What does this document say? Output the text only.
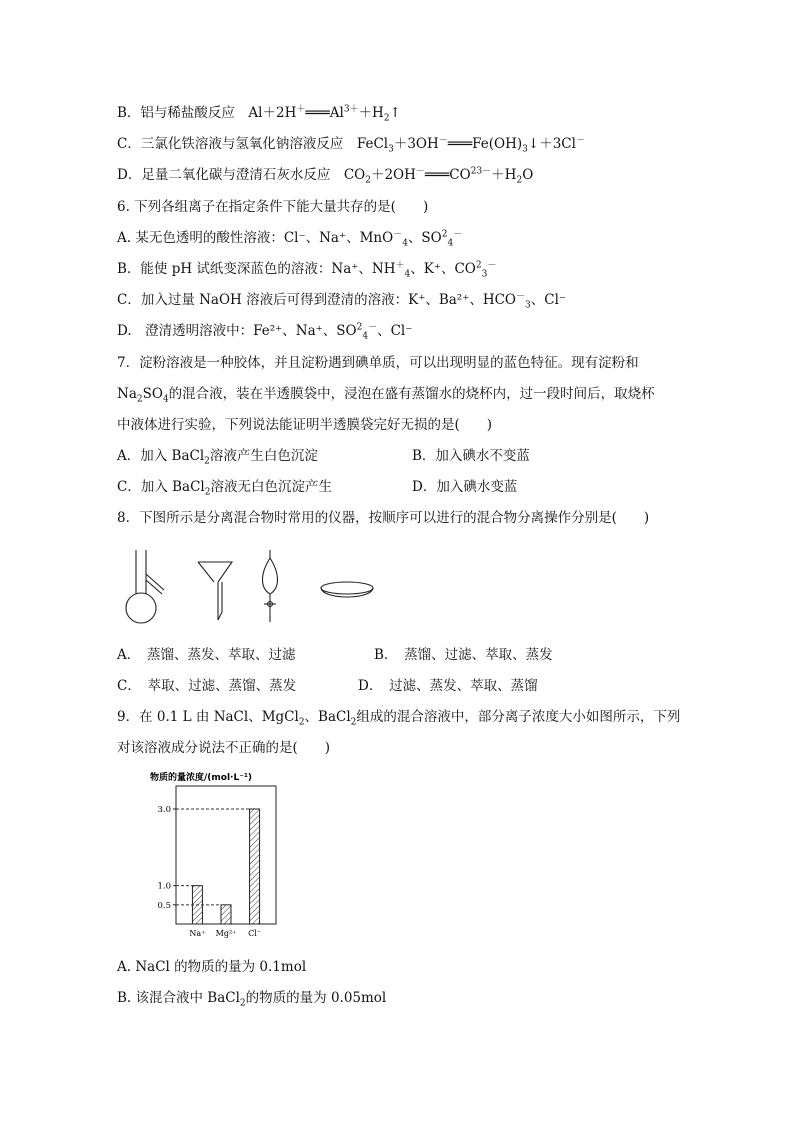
B．铝与稀盐酸反应　$Al+2H^+═══Al^{3+}+H_2↑$
C．三氯化铁溶液与氢氧化钠溶液反应　$FeCl_3+3OH^-═══Fe(OH)_3↓+3Cl^-$
D．足量二氧化碳与澄清石灰水反应　$CO_2+2OH^-═══CO^{23-}+H_2O$
6. 下列各组离子在指定条件下能大量共存的是(　　)
A. 某无色透明的酸性溶液：Cl⁻、Na⁺、MnO－$_4$、$SO^2_4^-$
B．能使 pH 试纸变深蓝色的溶液：Na⁺、$NH^+_4$、K⁺、$CO^2_3^-$
C．加入过量 NaOH 溶液后可得到澄清的溶液：K⁺、Ba²⁺、$HCO^-_3$、Cl⁻
D.　澄清透明溶液中：Fe²⁺、Na⁺、$SO^2_4^-$、Cl⁻
7．淀粉溶液是一种胶体，并且淀粉遇到碘单质，可以出现明显的蓝色特征。现有淀粉和
$Na_2SO_4$的混合液，装在半透膜袋中，浸泡在盛有蒸馏水的烧杯内，过一段时间后，取烧杯
中液体进行实验，下列说法能证明半透膜袋完好无损的是(　　)
A．加入 BaCl$_2$溶液产生白色沉淀	B．加入碘水不变蓝
C．加入 BaCl$_2$溶液无白色沉淀产生	D．加入碘水变蓝
8．下图所示是分离混合物时常用的仪器，按顺序可以进行的混合物分离操作分别是(　　)
A．　蒸馏、蒸发、萃取、过滤	B．　蒸馏、过滤、萃取、蒸发
C．　萃取、过滤、蒸馏、蒸发	D．　过滤、蒸发、萃取、蒸馏
9．在 0.1 L 由 NaCl、MgCl$_2$、BaCl$_2$组成的混合溶液中，部分离子浓度大小如图所示，下列
对该溶液成分说法不正确的是(　　)
物质的量浓度/(mol·L⁻¹)
Na⁺ Mg²⁺ Cl⁻
3.0
1.0
0.5
A. NaCl 的物质的量为 0.1mol
B. 该混合液中 BaCl$_2$的物质的量为 0.05mol
